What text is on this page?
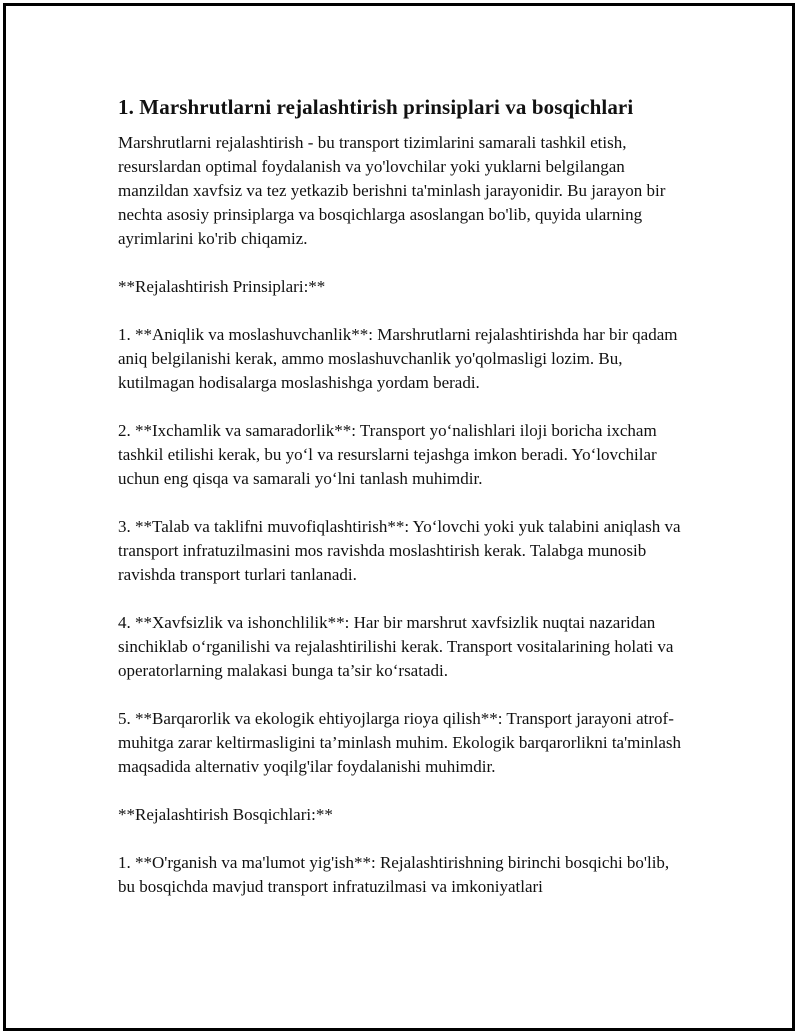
1. Marshrutlarni rejalashtirish prinsiplari va bosqichlari

Marshrutlarni rejalashtirish - bu transport tizimlarini samarali tashkil etish, resurslardan optimal foydalanish va yo'lovchilar yoki yuklarni belgilangan manzildan xavfsiz va tez yetkazib berishni ta'minlash jarayonidir. Bu jarayon bir nechta asosiy prinsiplarga va bosqichlarga asoslangan bo'lib, quyida ularning ayrimlarini ko'rib chiqamiz.

**Rejalashtirish Prinsiplari:**

1. **Aniqlik va moslashuvchanlik**: Marshrutlarni rejalashtirishda har bir qadam aniq belgilanishi kerak, ammo moslashuvchanlik yo'qolmasligi lozim. Bu, kutilmagan hodisalarga moslashishga yordam beradi.

2. **Ixchamlik va samaradorlik**: Transport yo‘nalishlari iloji boricha ixcham tashkil etilishi kerak, bu yo‘l va resurslarni tejashga imkon beradi. Yo‘lovchilar uchun eng qisqa va samarali yo‘lni tanlash muhimdir.

3. **Talab va taklifni muvofiqlashtirish**: Yo‘lovchi yoki yuk talabini aniqlash va transport infratuzilmasini mos ravishda moslashtirish kerak. Talabga munosib ravishda transport turlari tanlanadi.

4. **Xavfsizlik va ishonchlilik**: Har bir marshrut xavfsizlik nuqtai nazaridan sinchiklab o‘rganilishi va rejalashtirilishi kerak. Transport vositalarining holati va operatorlarning malakasi bunga ta’sir ko‘rsatadi.

5. **Barqarorlik va ekologik ehtiyojlarga rioya qilish**: Transport jarayoni atrof-muhitga zarar keltirmasligini ta’minlash muhim. Ekologik barqarorlikni ta'minlash maqsadida alternativ yoqilg'ilar foydalanishi muhimdir.

**Rejalashtirish Bosqichlari:**

1. **O'rganish va ma'lumot yig'ish**: Rejalashtirishning birinchi bosqichi bo'lib, bu bosqichda mavjud transport infratuzilmasi va imkoniyatlari
